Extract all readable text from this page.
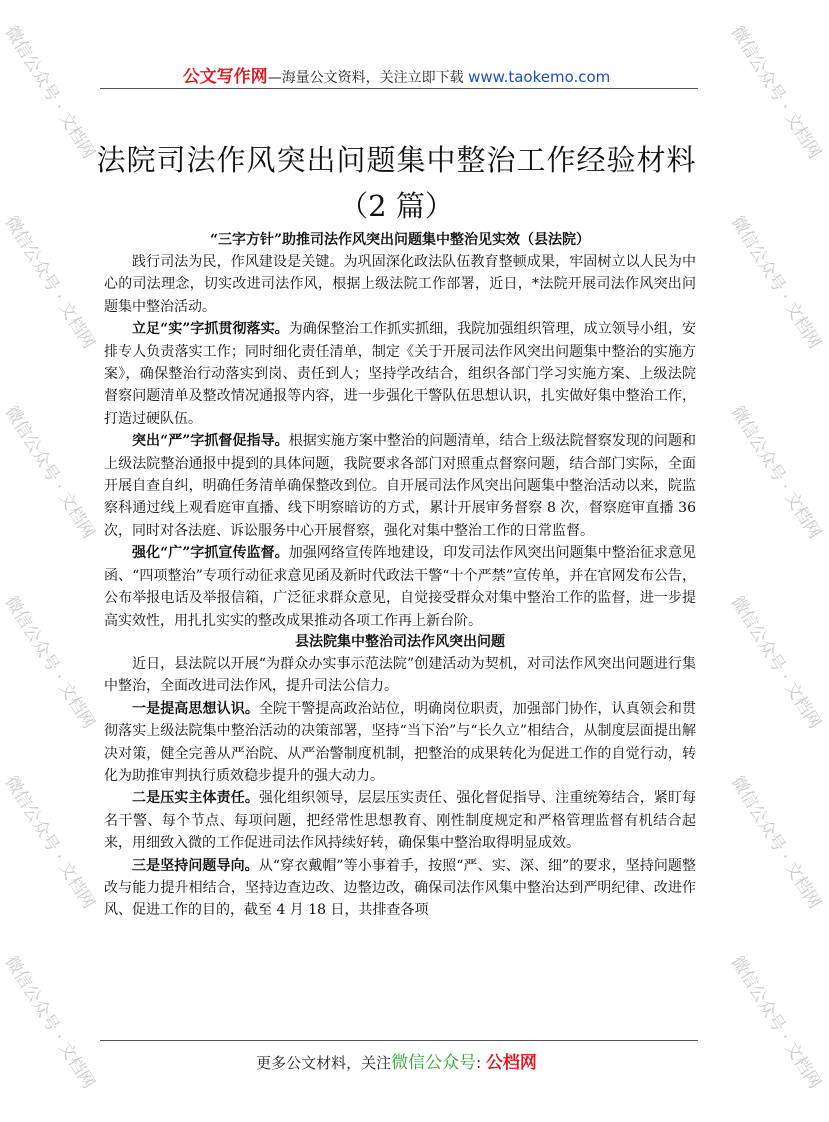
微信公众号 · 文档网	微信公众号 · 文档网
微信公众号 · 文档网	微信公众号 · 文档网
微信公众号 · 文档网	微信公众号 · 文档网
微信公众号 · 文档网	微信公众号 · 文档网
微信公众号 · 文档网	微信公众号 · 文档网
微信公众号 · 文档网	微信公众号 · 文档网
公文写作网—海量公文资料，关注立即下载 www.taokemo.com
法院司法作风突出问题集中整治工作经验材料
（2 篇）
“三字方针”助推司法作风突出问题集中整治见实效（县法院）

践行司法为民，作风建设是关键。为巩固深化政法队伍教育整顿成果，牢固树立以人民为中心的司法理念，切实改进司法作风，根据上级法院工作部署，近日，*法院开展司法作风突出问题集中整治活动。

立足“实”字抓贯彻落实。为确保整治工作抓实抓细，我院加强组织管理，成立领导小组，安排专人负责落实工作；同时细化责任清单，制定《关于开展司法作风突出问题集中整治的实施方案》，确保整治行动落实到岗、责任到人；坚持学改结合，组织各部门学习实施方案、上级法院督察问题清单及整改情况通报等内容，进一步强化干警队伍思想认识，扎实做好集中整治工作，打造过硬队伍。

突出“严”字抓督促指导。根据实施方案中整治的问题清单，结合上级法院督察发现的问题和上级法院整治通报中提到的具体问题，我院要求各部门对照重点督察问题，结合部门实际，全面开展自查自纠，明确任务清单确保整改到位。自开展司法作风突出问题集中整治活动以来，院监察科通过线上观看庭审直播、线下明察暗访的方式，累计开展审务督察 8 次，督察庭审直播 36 次，同时对各法庭、诉讼服务中心开展督察，强化对集中整治工作的日常监督。

强化“广”字抓宣传监督。加强网络宣传阵地建设，印发司法作风突出问题集中整治征求意见函、“四项整治”专项行动征求意见函及新时代政法干警“十个严禁”宣传单，并在官网发布公告，公布举报电话及举报信箱，广泛征求群众意见，自觉接受群众对集中整治工作的监督，进一步提高实效性，用扎扎实实的整改成果推动各项工作再上新台阶。

县法院集中整治司法作风突出问题

近日，县法院以开展“为群众办实事示范法院”创建活动为契机，对司法作风突出问题进行集中整治，全面改进司法作风，提升司法公信力。

一是提高思想认识。全院干警提高政治站位，明确岗位职责，加强部门协作，认真领会和贯彻落实上级法院集中整治活动的决策部署，坚持“当下治”与“长久立”相结合，从制度层面提出解决对策，健全完善从严治院、从严治警制度机制，把整治的成果转化为促进工作的自觉行动，转化为助推审判执行质效稳步提升的强大动力。

二是压实主体责任。强化组织领导，层层压实责任、强化督促指导、注重统筹结合，紧盯每名干警、每个节点、每项问题，把经常性思想教育、刚性制度规定和严格管理监督有机结合起来，用细致入微的工作促进司法作风持续好转，确保集中整治取得明显成效。

三是坚持问题导向。从“穿衣戴帽”等小事着手，按照“严、实、深、细”的要求，坚持问题整改与能力提升相结合，坚持边查边改、边整边改，确保司法作风集中整治达到严明纪律、改进作风、促进工作的目的，截至 4 月 18 日，共排查各项

更多公文材料，关注微信公众号: 公档网
